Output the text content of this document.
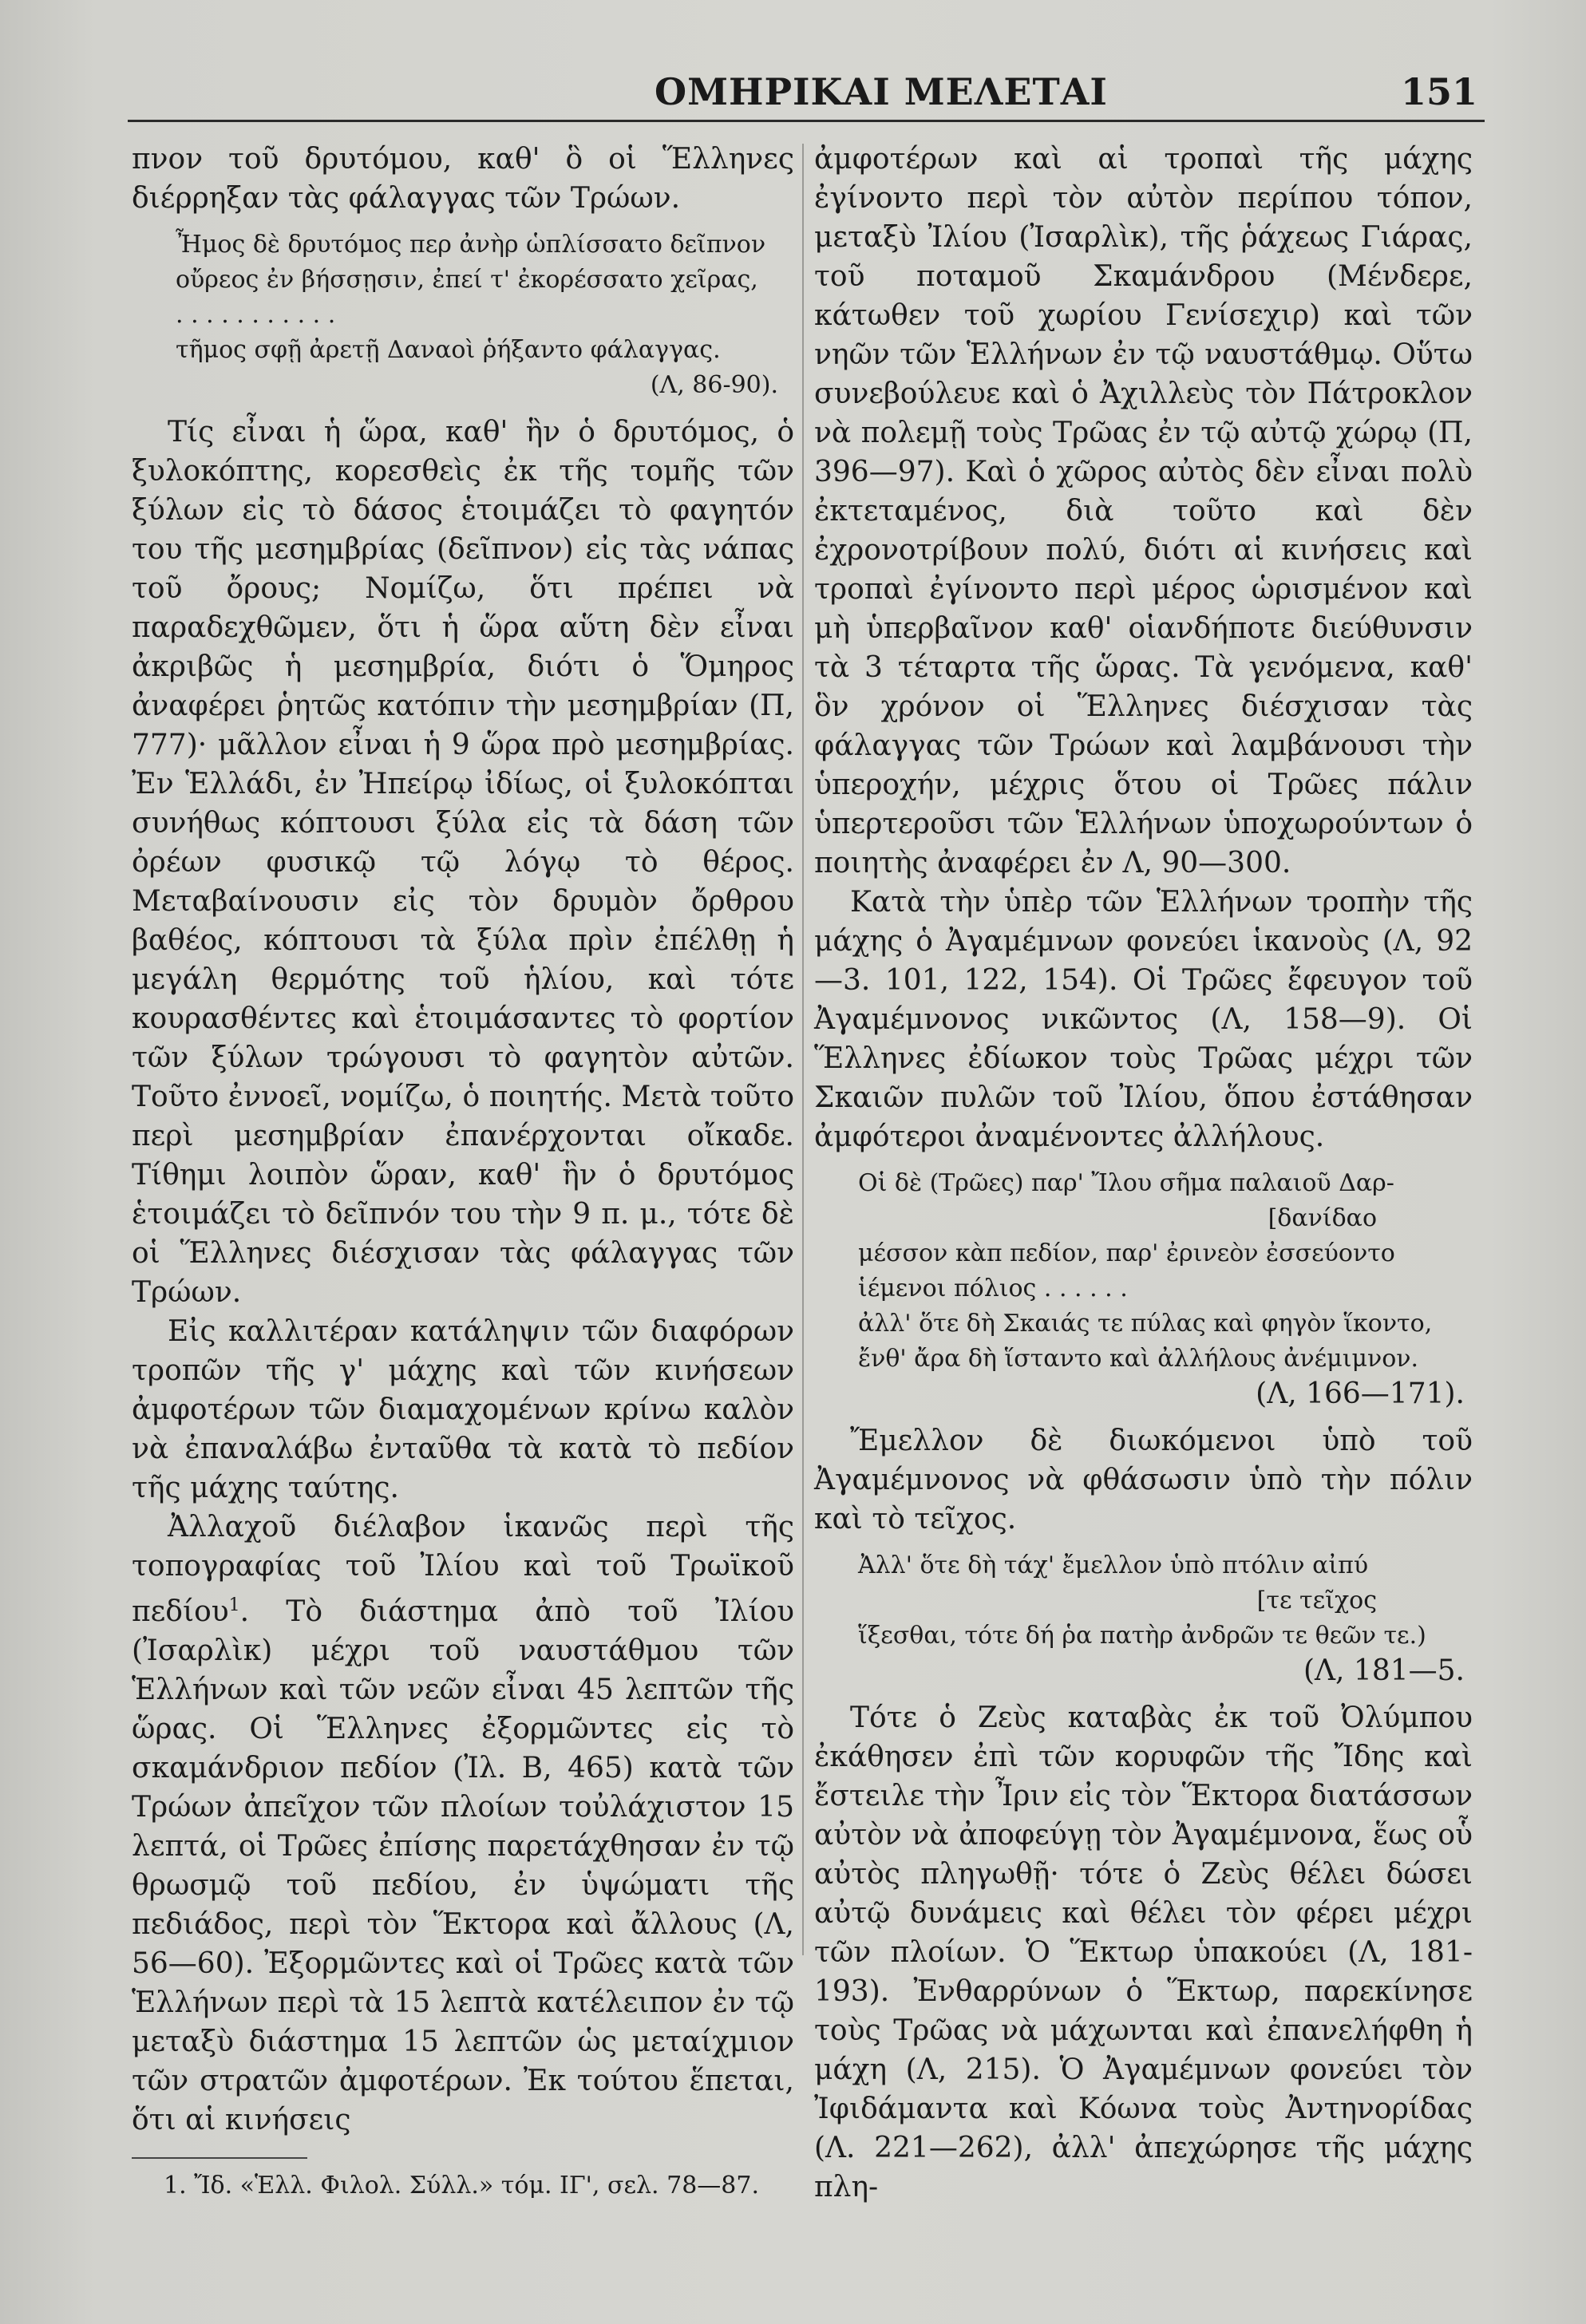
ΟΜΗΡΙΚΑΙ ΜΕΛΕΤΑΙ	151

πνον τοῦ δρυτόμου, καθ' ὃ οἱ Ἕλληνες διέρρηξαν τὰς φάλαγγας τῶν Τρώων.

Ἦμος δὲ δρυτόμος περ ἀνὴρ ὡπλίσσατο δεῖπνον
οὔρεος ἐν βήσσῃσιν, ἐπεί τ' ἐκορέσσατο χεῖρας,
. . . . . . . . . . .
τῆμος σφῇ ἀρετῇ Δαναοὶ ῥήξαντο φάλαγγας.
(Λ, 86-90).

Τίς εἶναι ἡ ὥρα, καθ' ἣν ὁ δρυτόμος, ὁ ξυλοκόπτης, κορεσθεὶς ἐκ τῆς τομῆς τῶν ξύλων εἰς τὸ δάσος ἑτοιμάζει τὸ φαγητόν του τῆς μεσημβρίας (δεῖπνον) εἰς τὰς νάπας τοῦ ὄρους; Νομίζω, ὅτι πρέπει νὰ παραδεχθῶμεν, ὅτι ἡ ὥρα αὕτη δὲν εἶναι ἀκριβῶς ἡ μεσημβρία, διότι ὁ Ὅμηρος ἀναφέρει ῥητῶς κατόπιν τὴν μεσημβρίαν (Π, 777)· μᾶλλον εἶναι ἡ 9 ὥρα πρὸ μεσημβρίας. Ἐν Ἑλλάδι, ἐν Ἠπείρῳ ἰδίως, οἱ ξυλοκόπται συνήθως κόπτουσι ξύλα εἰς τὰ δάση τῶν ὀρέων φυσικῷ τῷ λόγῳ τὸ θέρος. Μεταβαίνουσιν εἰς τὸν δρυμὸν ὄρθρου βαθέος, κόπτουσι τὰ ξύλα πρὶν ἐπέλθῃ ἡ μεγάλη θερμότης τοῦ ἡλίου, καὶ τότε κουρασθέντες καὶ ἑτοιμάσαντες τὸ φορτίον τῶν ξύλων τρώγουσι τὸ φαγητὸν αὐτῶν. Τοῦτο ἐννοεῖ, νομίζω, ὁ ποιητής. Μετὰ τοῦτο περὶ μεσημβρίαν ἐπανέρχονται οἴκαδε. Τίθημι λοιπὸν ὥραν, καθ' ἣν ὁ δρυτόμος ἑτοιμάζει τὸ δεῖπνόν του τὴν 9 π. μ., τότε δὲ οἱ Ἕλληνες διέσχισαν τὰς φάλαγγας τῶν Τρώων.

Εἰς καλλιτέραν κατάληψιν τῶν διαφόρων τροπῶν τῆς γ' μάχης καὶ τῶν κινήσεων ἀμφοτέρων τῶν διαμαχομένων κρίνω καλὸν νὰ ἐπαναλάβω ἐνταῦθα τὰ κατὰ τὸ πεδίον τῆς μάχης ταύτης.

Ἀλλαχοῦ διέλαβον ἱκανῶς περὶ τῆς τοπογραφίας τοῦ Ἰλίου καὶ τοῦ Τρωϊκοῦ πεδίου$^1$. Τὸ διάστημα ἀπὸ τοῦ Ἰλίου (Ἰσαρλὶκ) μέχρι τοῦ ναυστάθμου τῶν Ἑλλήνων καὶ τῶν νεῶν εἶναι 45 λεπτῶν τῆς ὥρας. Οἱ Ἕλληνες ἐξορμῶντες εἰς τὸ σκαμάνδριον πεδίον (Ἰλ. Β, 465) κατὰ τῶν Τρώων ἀπεῖχον τῶν πλοίων τοὐλάχιστον 15 λεπτά, οἱ Τρῶες ἐπίσης παρετάχθησαν ἐν τῷ θρωσμῷ τοῦ πεδίου, ἐν ὑψώματι τῆς πεδιάδος, περὶ τὸν Ἕκτορα καὶ ἄλλους (Λ, 56—60). Ἐξορμῶντες καὶ οἱ Τρῶες κατὰ τῶν Ἑλλήνων περὶ τὰ 15 λεπτὰ κατέλειπον ἐν τῷ μεταξὺ διάστημα 15 λεπτῶν ὡς μεταίχμιον τῶν στρατῶν ἀμφοτέρων. Ἐκ τούτου ἕπεται, ὅτι αἱ κινήσεις

1. Ἴδ. «Ἑλλ. Φιλολ. Σύλλ.» τόμ. ΙΓ', σελ. 78—87.

ἀμφοτέρων καὶ αἱ τροπαὶ τῆς μάχης ἐγίνοντο περὶ τὸν αὐτὸν περίπου τόπον, μεταξὺ Ἰλίου (Ἰσαρλὶκ), τῆς ῥάχεως Γιάρας, τοῦ ποταμοῦ Σκαμάνδρου (Μένδερε, κάτωθεν τοῦ χωρίου Γενίσεχιρ) καὶ τῶν νηῶν τῶν Ἑλλήνων ἐν τῷ ναυστάθμῳ. Οὕτω συνεβούλευε καὶ ὁ Ἀχιλλεὺς τὸν Πάτροκλον νὰ πολεμῇ τοὺς Τρῶας ἐν τῷ αὐτῷ χώρῳ (Π, 396—97). Καὶ ὁ χῶρος αὐτὸς δὲν εἶναι πολὺ ἐκτεταμένος, διὰ τοῦτο καὶ δὲν ἐχρονοτρίβουν πολύ, διότι αἱ κινήσεις καὶ τροπαὶ ἐγίνοντο περὶ μέρος ὡρισμένον καὶ μὴ ὑπερβαῖνον καθ' οἱανδήποτε διεύθυνσιν τὰ 3 τέταρτα τῆς ὥρας. Τὰ γενόμενα, καθ' ὃν χρόνον οἱ Ἕλληνες διέσχισαν τὰς φάλαγγας τῶν Τρώων καὶ λαμβάνουσι τὴν ὑπεροχήν, μέχρις ὅτου οἱ Τρῶες πάλιν ὑπερτεροῦσι τῶν Ἑλλήνων ὑποχωρούντων ὁ ποιητὴς ἀναφέρει ἐν Λ, 90—300.

Κατὰ τὴν ὑπὲρ τῶν Ἑλλήνων τροπὴν τῆς μάχης ὁ Ἀγαμέμνων φονεύει ἱκανοὺς (Λ, 92—3. 101, 122, 154). Οἱ Τρῶες ἔφευγον τοῦ Ἀγαμέμνονος νικῶντος (Λ, 158—9). Οἱ Ἕλληνες ἐδίωκον τοὺς Τρῶας μέχρι τῶν Σκαιῶν πυλῶν τοῦ Ἰλίου, ὅπου ἐστάθησαν ἀμφότεροι ἀναμένοντες ἀλλήλους.

Οἱ δὲ (Τρῶες) παρ' Ἴλου σῆμα παλαιοῦ Δαρ-
[δανίδαο
μέσσον κὰπ πεδίον, παρ' ἐρινεὸν ἐσσεύοντο
ἱέμενοι πόλιος . . . . . .
ἀλλ' ὅτε δὴ Σκαιάς τε πύλας καὶ φηγὸν ἵκοντο,
ἔνθ' ἄρα δὴ ἵσταντο καὶ ἀλλήλους ἀνέμιμνον.
(Λ, 166—171).

Ἔμελλον δὲ διωκόμενοι ὑπὸ τοῦ Ἀγαμέμνονος νὰ φθάσωσιν ὑπὸ τὴν πόλιν καὶ τὸ τεῖχος.

Ἀλλ' ὅτε δὴ τάχ' ἔμελλον ὑπὸ πτόλιν αἰπύ
[τε τεῖχος
ἵξεσθαι, τότε δή ῥα πατὴρ ἀνδρῶν τε θεῶν τε.)
(Λ, 181—5.

Τότε ὁ Ζεὺς καταβὰς ἐκ τοῦ Ὀλύμπου ἐκάθησεν ἐπὶ τῶν κορυφῶν τῆς Ἴδης καὶ ἔστειλε τὴν Ἶριν εἰς τὸν Ἕκτορα διατάσσων αὐτὸν νὰ ἀποφεύγῃ τὸν Ἀγαμέμνονα, ἕως οὗ αὐτὸς πληγωθῇ· τότε ὁ Ζεὺς θέλει δώσει αὐτῷ δυνάμεις καὶ θέλει τὸν φέρει μέχρι τῶν πλοίων. Ὁ Ἕκτωρ ὑπακούει (Λ, 181-193). Ἐνθαρρύνων ὁ Ἕκτωρ, παρεκίνησε τοὺς Τρῶας νὰ μάχωνται καὶ ἐπανελήφθη ἡ μάχη (Λ, 215). Ὁ Ἀγαμέμνων φονεύει τὸν Ἰφιδάμαντα καὶ Κόωνα τοὺς Ἀντηνορίδας (Λ. 221—262), ἀλλ' ἀπεχώρησε τῆς μάχης πλη-
